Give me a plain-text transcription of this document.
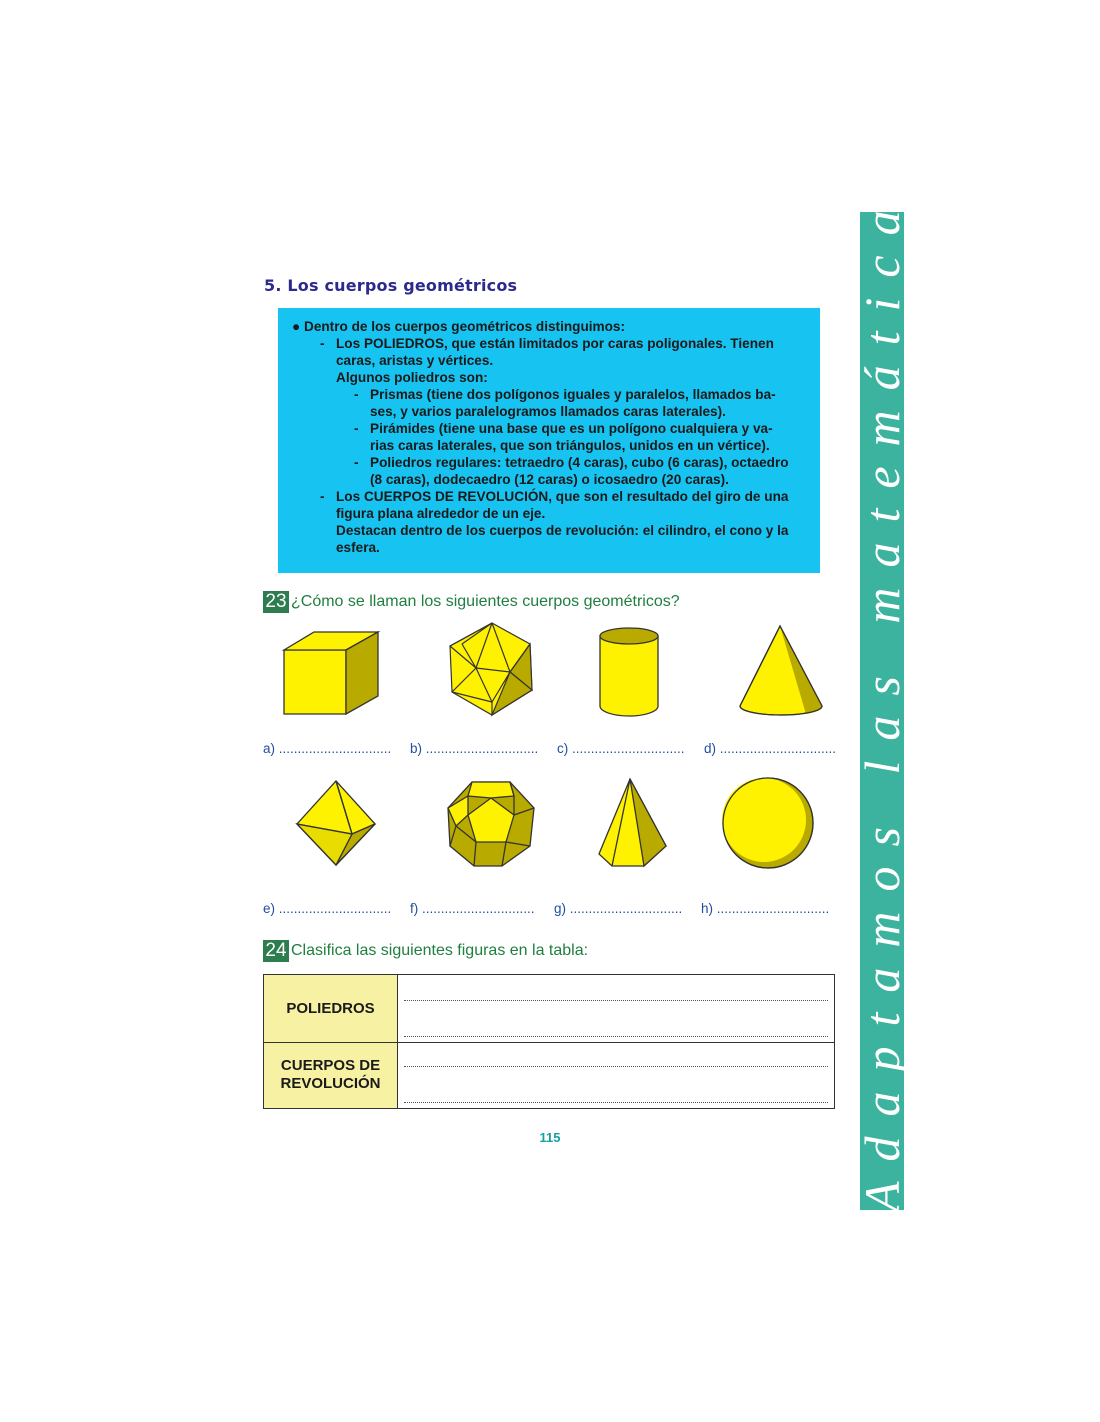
Adaptamos las matemáticas
5. Los cuerpos geométricos
● Dentro de los cuerpos geométricos distinguimos:
- Los POLIEDROS, que están limitados por caras poligonales. Tienen
caras, aristas y vértices.
Algunos poliedros son:
- Prismas (tiene dos polígonos iguales y paralelos, llamados ba-
ses, y varios paralelogramos llamados caras laterales).
- Pirámides (tiene una base que es un polígono cualquiera y va-
rias caras laterales, que son triángulos, unidos en un vértice).
- Poliedros regulares: tetraedro (4 caras), cubo (6 caras), octaedro
(8 caras), dodecaedro (12 caras) o icosaedro (20 caras).
- Los CUERPOS DE REVOLUCIÓN, que son el resultado del giro de una
figura plana alrededor de un eje.
Destacan dentro de los cuerpos de revolución: el cilindro, el cono y la
esfera.
23 ¿Cómo se llaman los siguientes cuerpos geométricos?
a) .............................. b) .............................. c) .............................. d) ...............................
e) .............................. f) .............................. g) .............................. h) ..............................
24 Clasifica las siguientes figuras en la tabla:
POLIEDROS
CUERPOS DE
REVOLUCIÓN
115
